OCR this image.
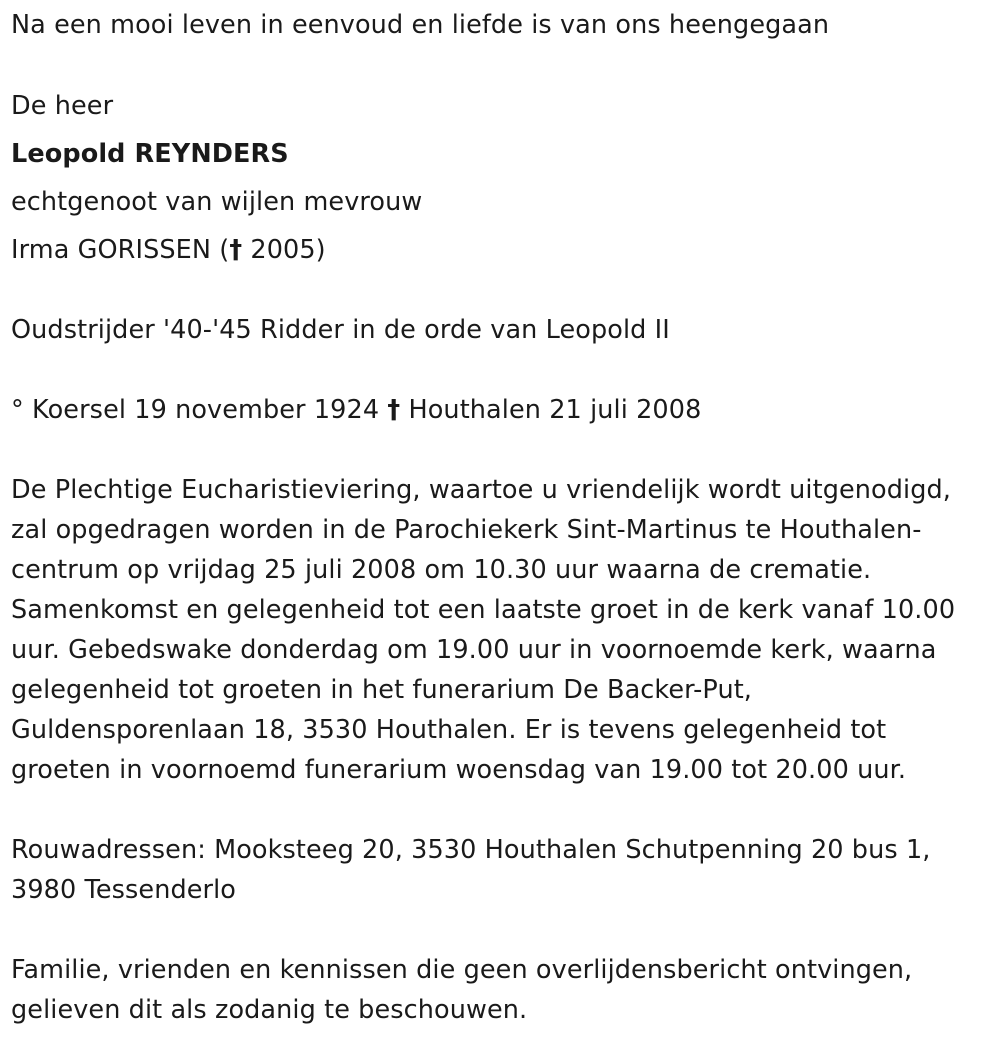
Na een mooi leven in eenvoud en liefde is van ons heengegaan
De heer
Leopold REYNDERS
echtgenoot van wijlen mevrouw
Irma GORISSEN († 2005)
Oudstrijder '40-'45 Ridder in de orde van Leopold II
° Koersel 19 november 1924 † Houthalen 21 juli 2008
De Plechtige Eucharistieviering, waartoe u vriendelijk wordt uitgenodigd,
zal opgedragen worden in de Parochiekerk Sint-Martinus te Houthalen-
centrum op vrijdag 25 juli 2008 om 10.30 uur waarna de crematie.
Samenkomst en gelegenheid tot een laatste groet in de kerk vanaf 10.00
uur. Gebedswake donderdag om 19.00 uur in voornoemde kerk, waarna
gelegenheid tot groeten in het funerarium De Backer-Put,
Guldensporenlaan 18, 3530 Houthalen. Er is tevens gelegenheid tot
groeten in voornoemd funerarium woensdag van 19.00 tot 20.00 uur.
Rouwadressen: Mooksteeg 20, 3530 Houthalen Schutpenning 20 bus 1,
3980 Tessenderlo
Familie, vrienden en kennissen die geen overlijdensbericht ontvingen,
gelieven dit als zodanig te beschouwen.
